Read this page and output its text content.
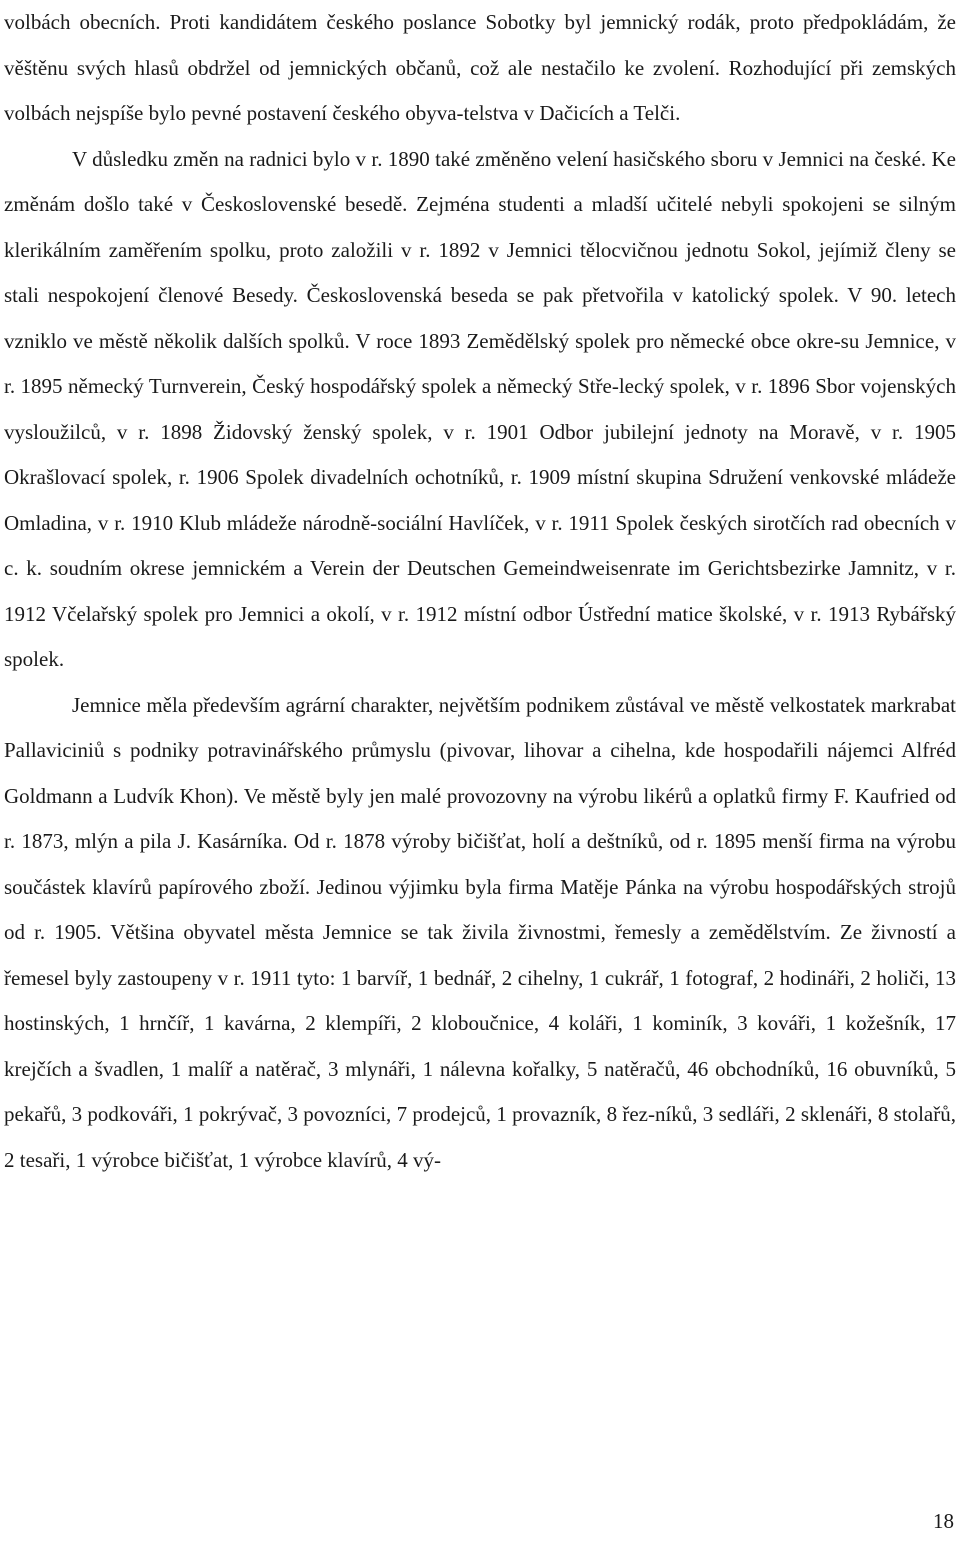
volbách obecních. Proti kandidátem českého poslance Sobotky byl jemnický rodák, proto předpokládám, že věštěnu svých hlasů obdržel od jemnických občanů, což ale nestačilo ke zvolení. Rozhodující při zemských volbách nejspíše bylo pevné postavení českého obyva-telstva v Dačicích a Telči.

V důsledku změn na radnici bylo v r. 1890 také změněno velení hasičského sboru v Jemnici na české. Ke změnám došlo také v Československé besedě. Zejména studenti a mladší učitelé nebyli spokojeni se silným klerikálním zaměřením spolku, proto založili v r. 1892 v Jemnici tělocvičnou jednotu Sokol, jejímiž členy se stali nespokojení členové Besedy. Československá beseda se pak přetvořila v katolický spolek. V 90. letech vzniklo ve městě několik dalších spolků. V roce 1893 Zemědělský spolek pro německé obce okre-su Jemnice, v r. 1895 německý Turnverein, Český hospodářský spolek a německý Stře-lecký spolek, v r. 1896 Sbor vojenských vysloužilců, v r. 1898 Židovský ženský spolek, v r. 1901 Odbor jubilejní jednoty na Moravě, v r. 1905 Okrašlovací spolek, r. 1906 Spolek divadelních ochotníků, r. 1909 místní skupina Sdružení venkovské mládeže Omladina, v r. 1910 Klub mládeže národně-sociální Havlíček, v r. 1911 Spolek českých sirotčích rad obecních v c. k. soudním okrese jemnickém a Verein der Deutschen Gemeindweisenrate im Gerichtsbezirke Jamnitz, v r. 1912 Včelařský spolek pro Jemnici a okolí, v r. 1912 místní odbor Ústřední matice školské, v r. 1913 Rybářský spolek.

Jemnice měla především agrární charakter, největším podnikem zůstával ve městě velkostatek markrabat Pallaviciniů s podniky potravinářského průmyslu (pivovar, lihovar a cihelna, kde hospodařili nájemci Alfréd Goldmann a Ludvík Khon). Ve městě byly jen malé provozovny na výrobu likérů a oplatků firmy F. Kaufried od r. 1873, mlýn a pila J. Kasárníka. Od r. 1878 výroby bičišťat, holí a deštníků, od r. 1895 menší firma na výrobu součástek klavírů papírového zboží. Jedinou výjimku byla firma Matěje Pánka na výrobu hospodářských strojů od r. 1905. Většina obyvatel města Jemnice se tak živila živnostmi, řemesly a zemědělstvím. Ze živností a řemesel byly zastoupeny v r. 1911 tyto: 1 barvíř, 1 bednář, 2 cihelny, 1 cukrář, 1 fotograf, 2 hodináři, 2 holiči, 13 hostinských, 1 hrnčíř, 1 kavárna, 2 klempíři, 2 kloboučnice, 4 koláři, 1 kominík, 3 kováři, 1 kožešník, 17 krejčích a švadlen, 1 malíř a natěrač, 3 mlynáři, 1 nálevna kořalky, 5 natěračů, 46 obchodníků, 16 obuvníků, 5 pekařů, 3 podkováři, 1 pokrývač, 3 povozníci, 7 prodejců, 1 provazník, 8 řez-níků, 3 sedláři, 2 sklenáři, 8 stolařů, 2 tesaři, 1 výrobce bičišťat, 1 výrobce klavírů, 4 vý-

18
